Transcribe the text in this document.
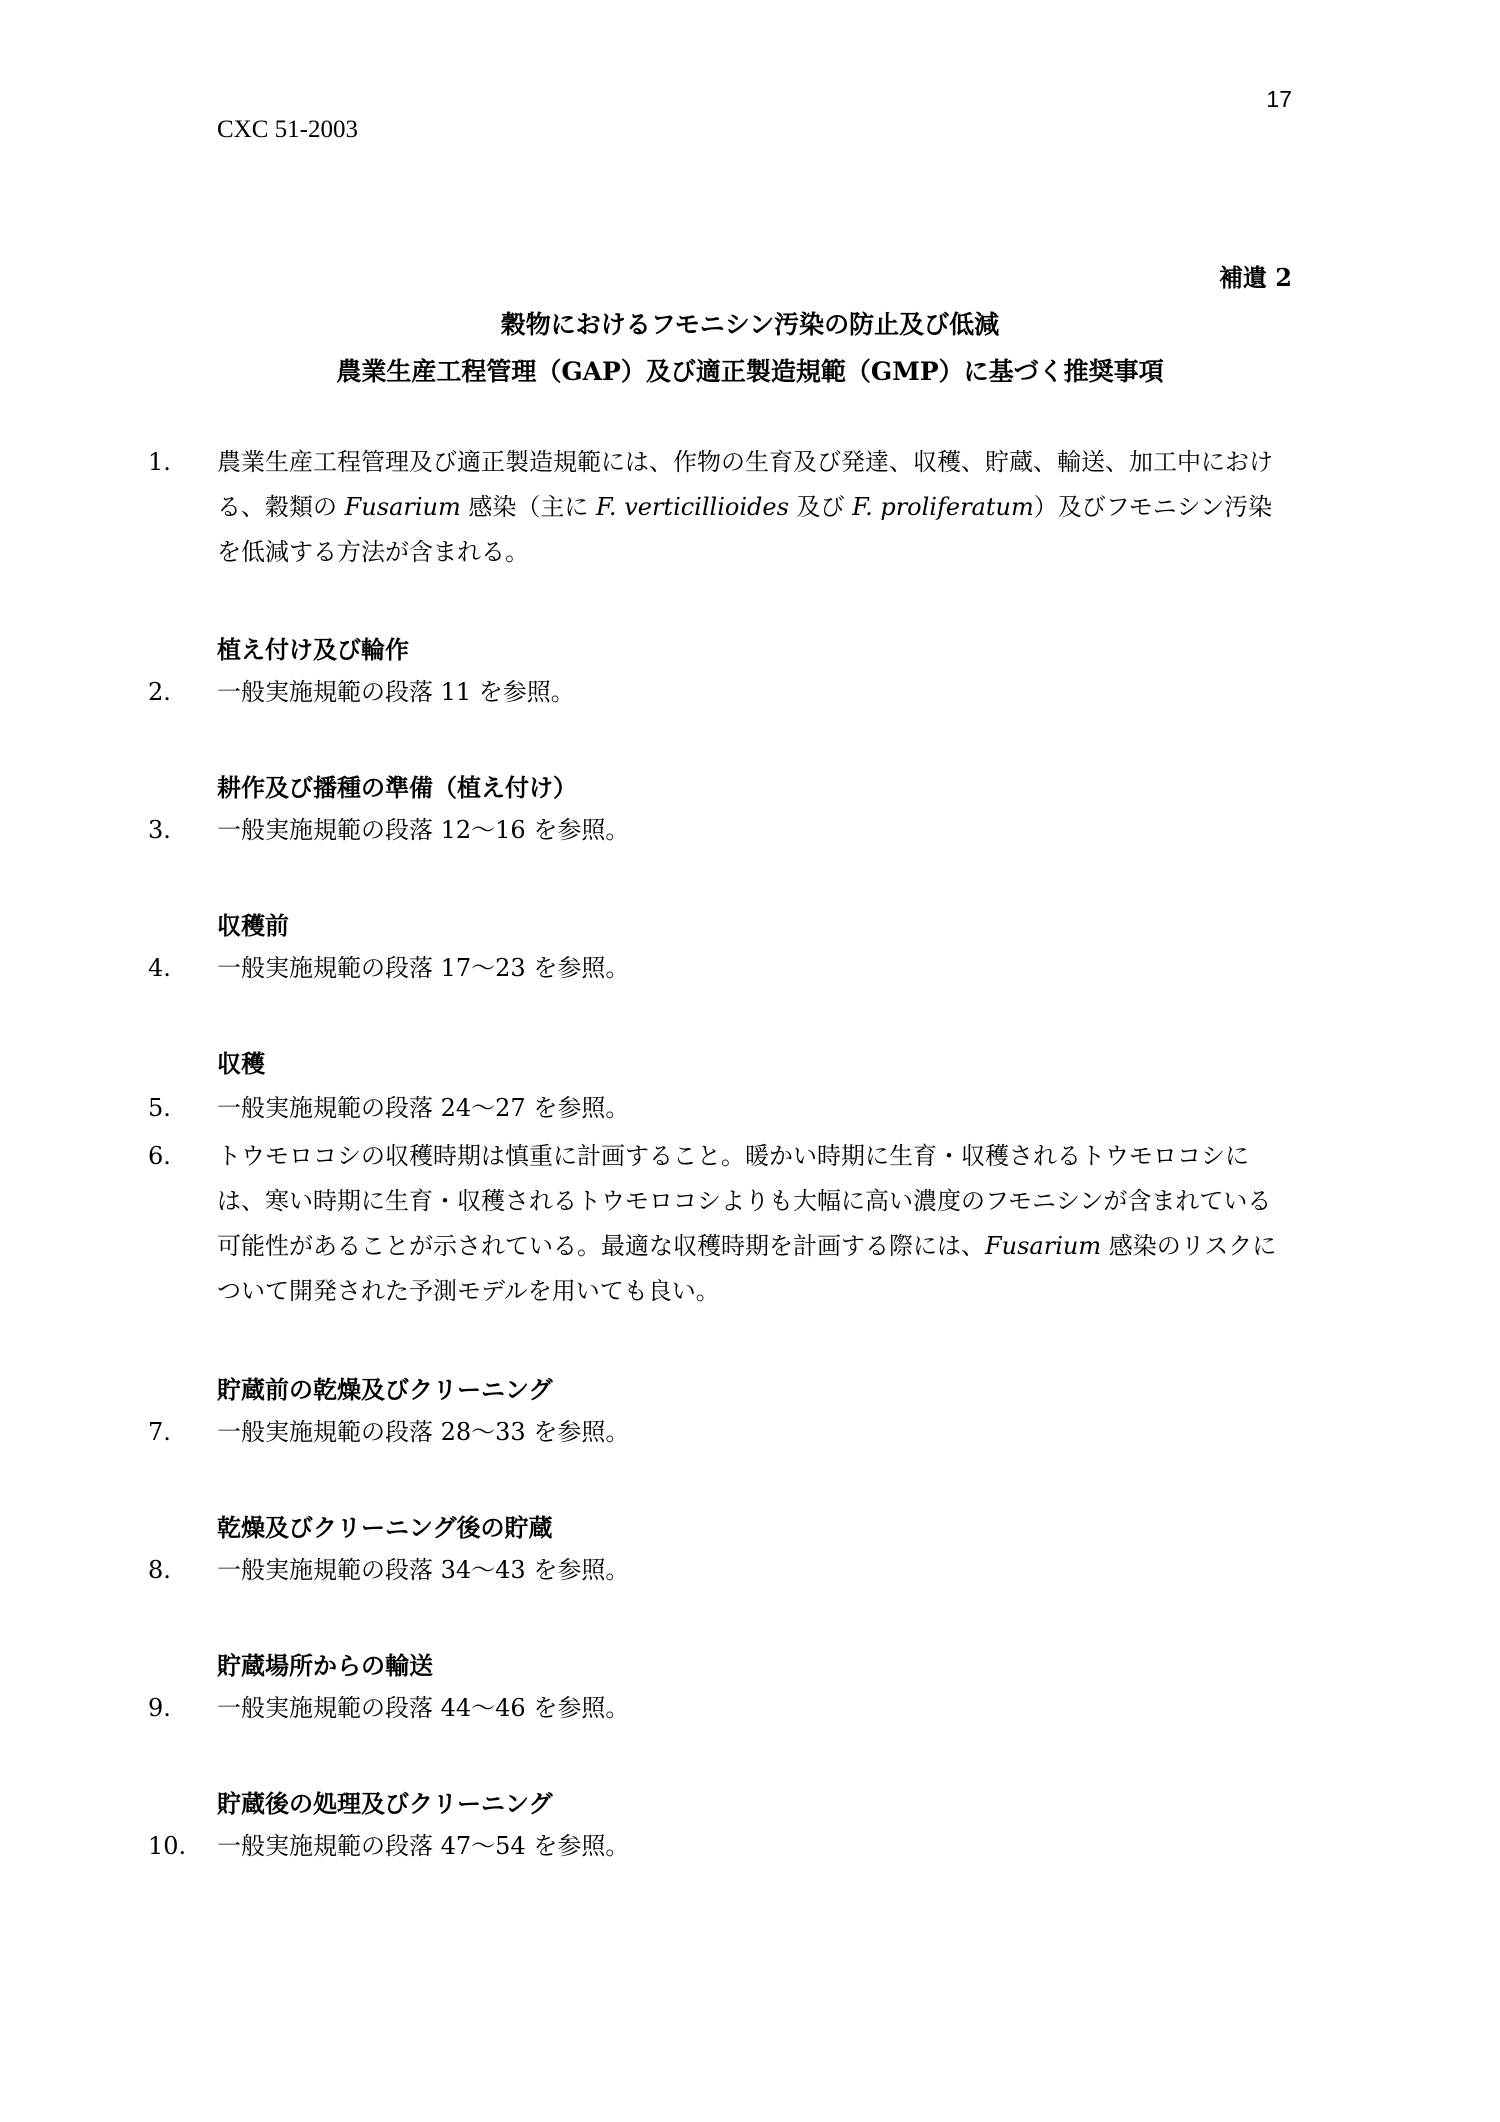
17
CXC 51-2003
補遺 2
穀物におけるフモニシン汚染の防止及び低減
農業生産工程管理（GAP）及び適正製造規範（GMP）に基づく推奨事項
1.	農業生産工程管理及び適正製造規範には、作物の生育及び発達、収穫、貯蔵、輸送、加工中における、穀類の Fusarium 感染（主に F. verticillioides 及び F. proliferatum）及びフモニシン汚染を低減する方法が含まれる。
植え付け及び輪作
2.	一般実施規範の段落 11 を参照。
耕作及び播種の準備（植え付け）
3.	一般実施規範の段落 12～16 を参照。
収穫前
4.	一般実施規範の段落 17～23 を参照。
収穫
5.	一般実施規範の段落 24～27 を参照。
6.	トウモロコシの収穫時期は慎重に計画すること。暖かい時期に生育・収穫されるトウモロコシには、寒い時期に生育・収穫されるトウモロコシよりも大幅に高い濃度のフモニシンが含まれている可能性があることが示されている。最適な収穫時期を計画する際には、Fusarium 感染のリスクについて開発された予測モデルを用いても良い。
貯蔵前の乾燥及びクリーニング
7.	一般実施規範の段落 28～33 を参照。
乾燥及びクリーニング後の貯蔵
8.	一般実施規範の段落 34～43 を参照。
貯蔵場所からの輸送
9.	一般実施規範の段落 44～46 を参照。
貯蔵後の処理及びクリーニング
10.	一般実施規範の段落 47～54 を参照。
